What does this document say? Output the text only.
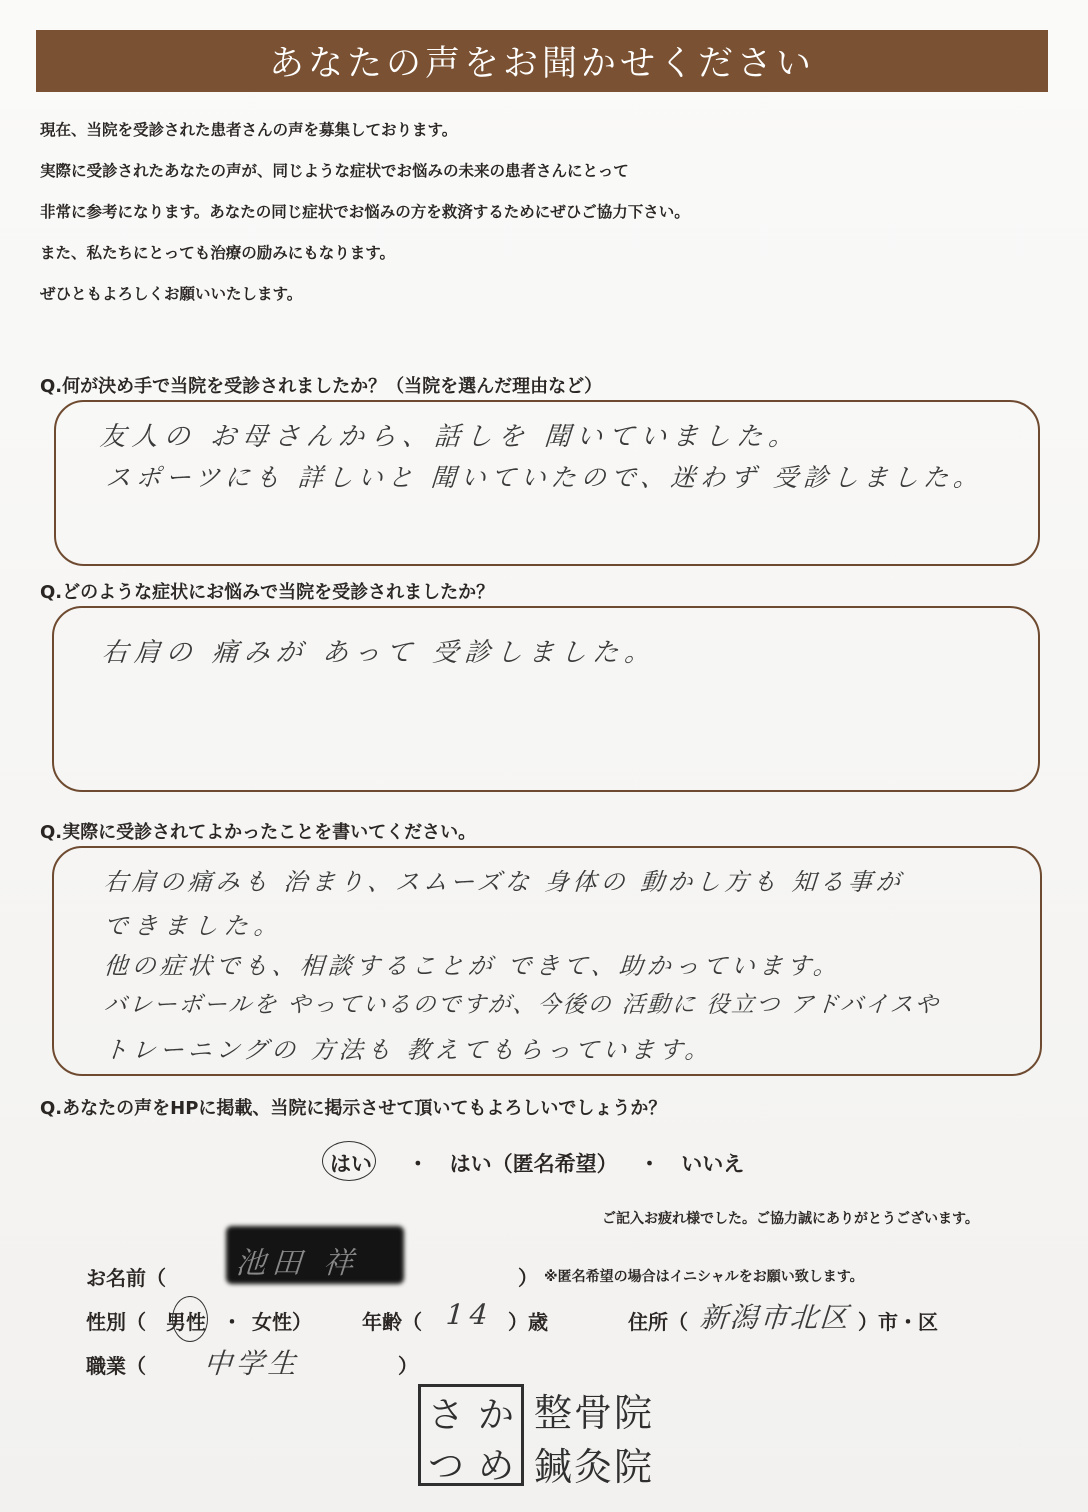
あなたの声をお聞かせください
現在、当院を受診された患者さんの声を募集しております。
実際に受診されたあなたの声が、同じような症状でお悩みの未来の患者さんにとって
非常に参考になります。あなたの同じ症状でお悩みの方を救済するためにぜひご協力下さい。
また、私たちにとっても治療の励みにもなります。
ぜひともよろしくお願いいたします。
Q.何が決め手で当院を受診されましたか？（当院を選んだ理由など）
友人の お母さんから、話しを 聞いていました。
スポーツにも 詳しいと 聞いていたので、迷わず 受診しました。
Q.どのような症状にお悩みで当院を受診されましたか？
右肩の 痛みが あって 受診しました。
Q.実際に受診されてよかったことを書いてください。
右肩の痛みも 治まり、スムーズな 身体の 動かし方も 知る事が
できました。
他の症状でも、相談することが できて、助かっています。
バレーボールを やっているのですが、今後の 活動に 役立つ アドバイスや
トレーニングの 方法も 教えてもらっています。
Q.あなたの声をHPに掲載、当院に掲示させて頂いてもよろしいでしょうか？
はい ・ はい（匿名希望） ・ いいえ
ご記入お疲れ様でした。ご協力誠にありがとうございます。
お名前（ 池田 祥	） ※匿名希望の場合はイニシャルをお願い致します。
性別（ 男性 ・ 女性）	年齢（ 14 ）歳	住所（ 新潟市北区 ）市・区
職業（ 中学生	）
さ か
つ め
整骨院
鍼灸院
